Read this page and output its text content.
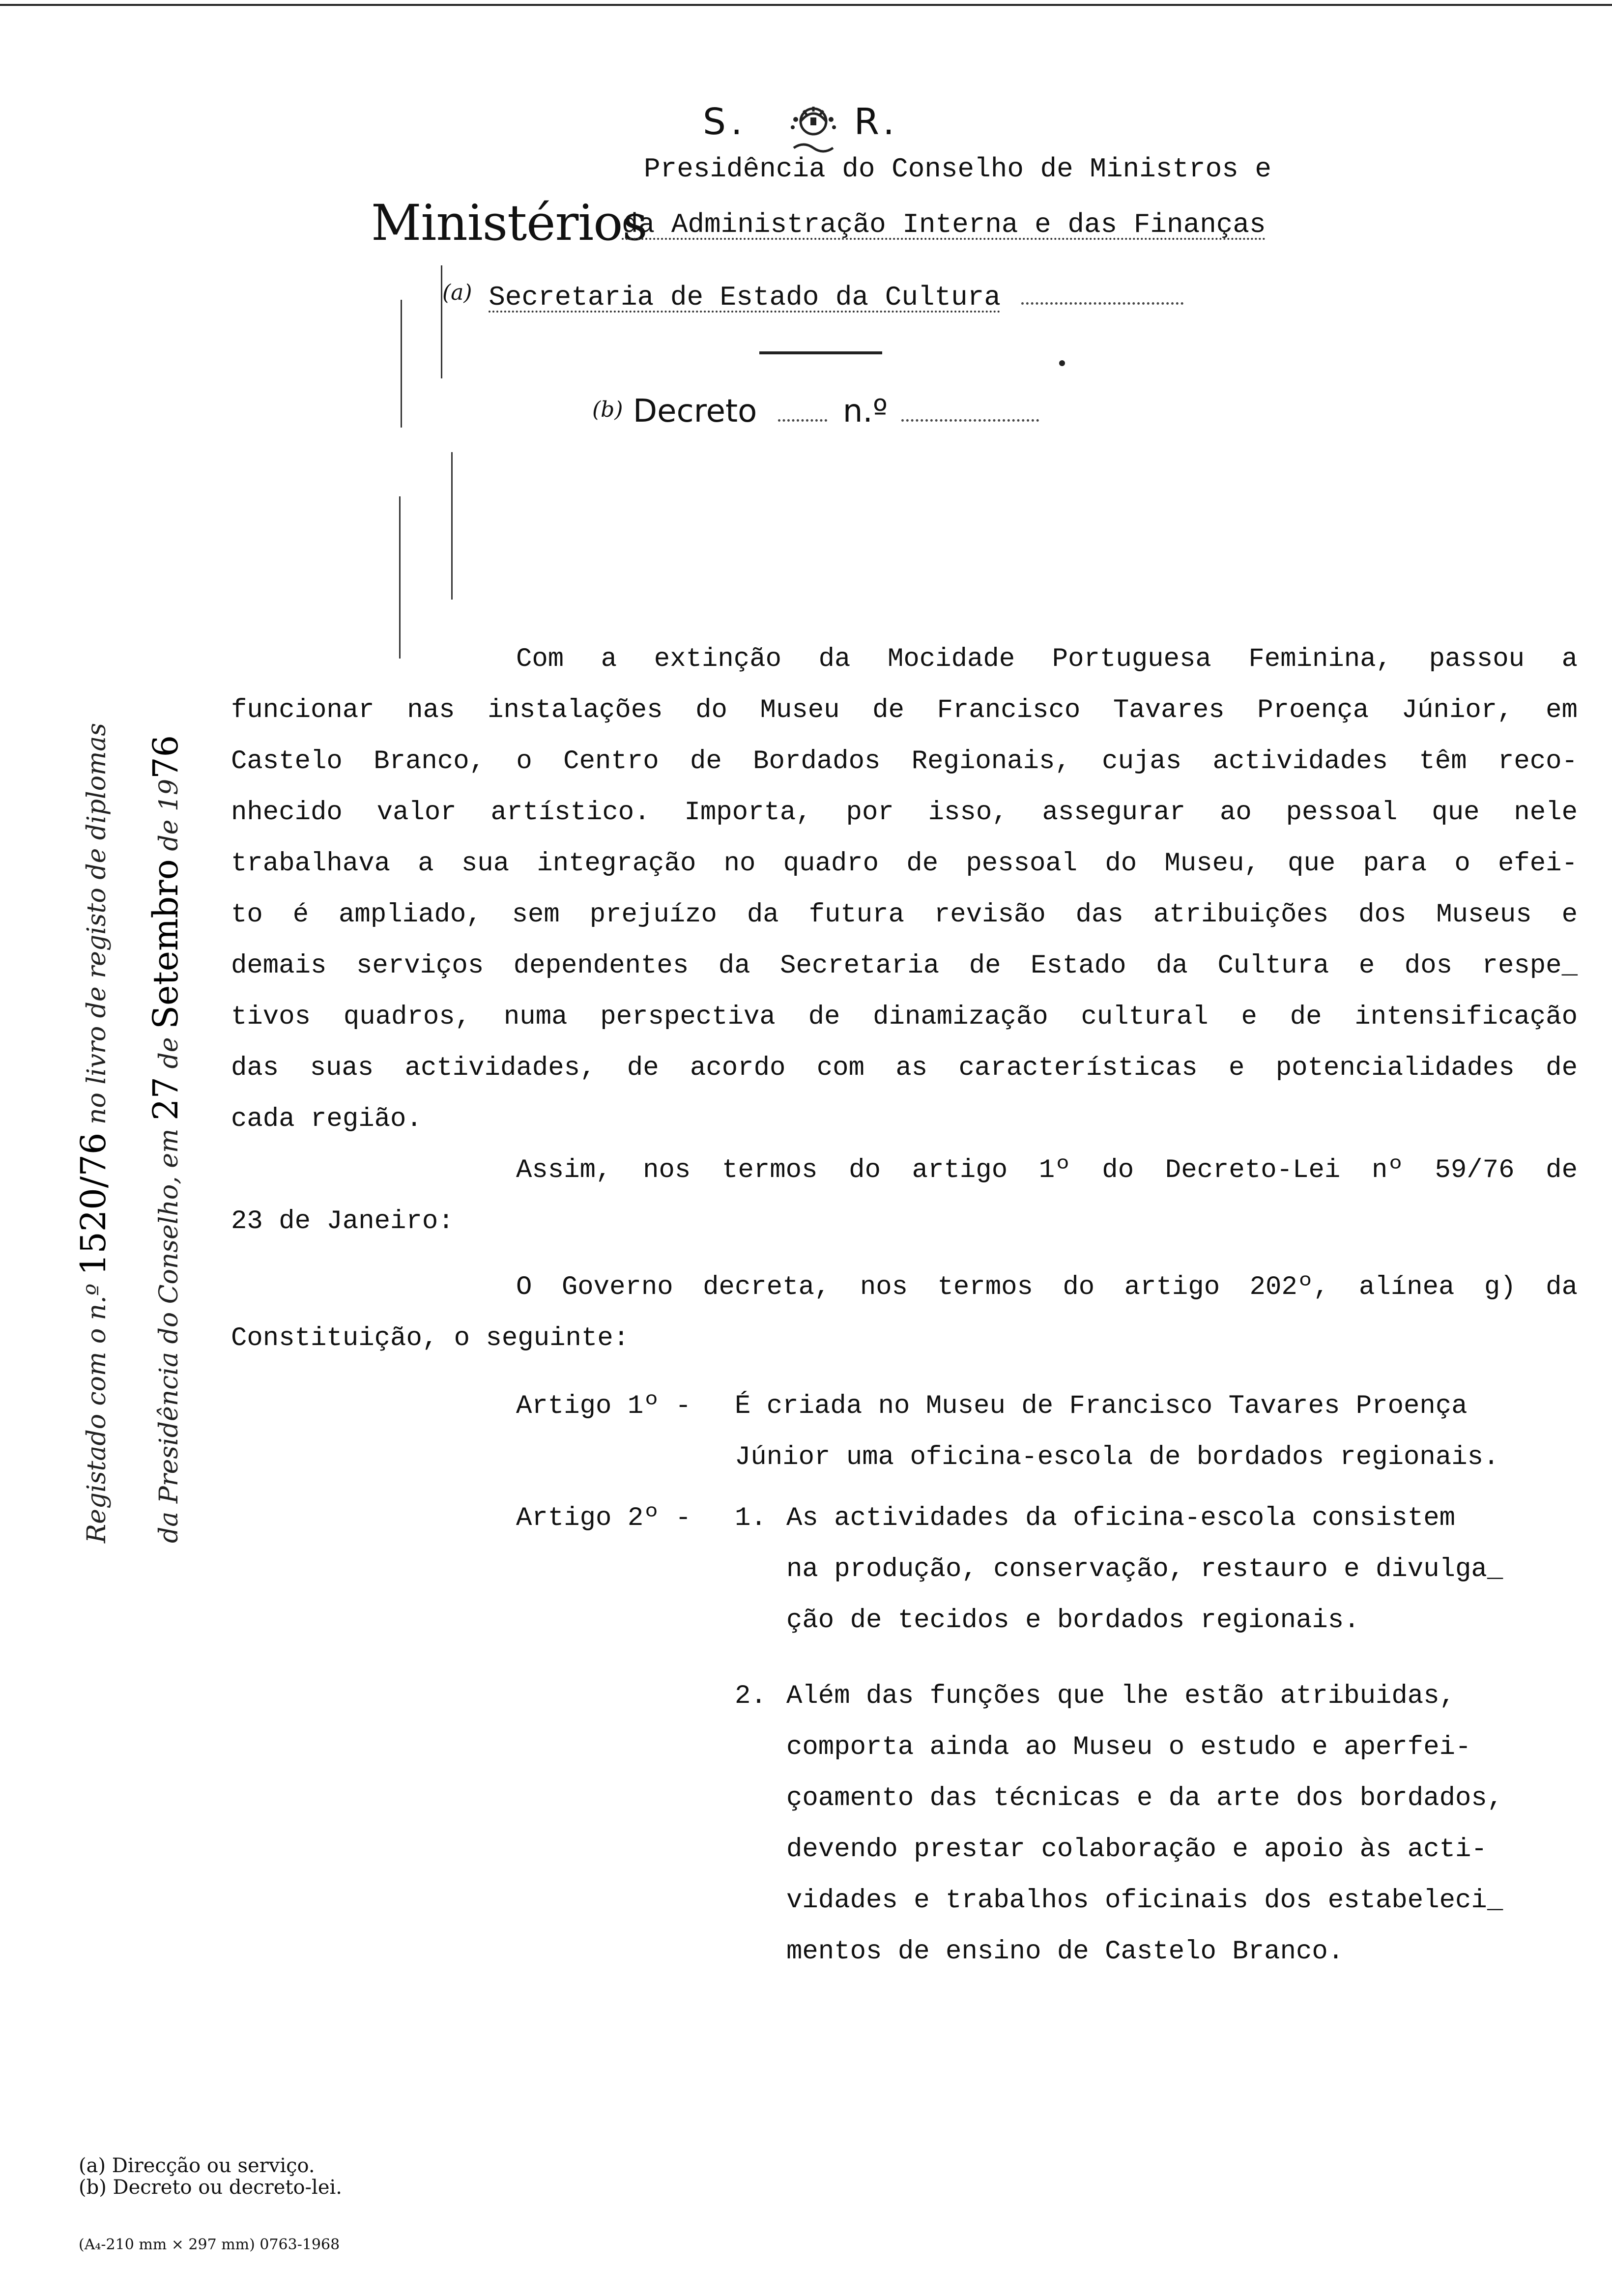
S.	R.
Presidência do Conselho de Ministros e
Ministérios
da Administração Interna e das Finanças
(a) Secretaria de Estado da Cultura
(b) Decreto	n.º
Registado com o n.º 1520/76 no livro de registo de diplomas
da Presidência do Conselho, em 27 de Setembro de 1976
Com a extinção da Mocidade Portuguesa Feminina, passou a
funcionar nas instalações do Museu de Francisco Tavares Proença Júnior, em
Castelo Branco, o Centro de Bordados Regionais, cujas actividades têm reco-
nhecido valor artístico. Importa, por isso, assegurar ao pessoal que nele
trabalhava a sua integração no quadro de pessoal do Museu, que para o efei-
to é ampliado, sem prejuízo da futura revisão das atribuições dos Museus e
demais serviços dependentes da Secretaria de Estado da Cultura e dos respe_
tivos quadros, numa perspectiva de dinamização cultural e de intensificação
das suas actividades, de acordo com as características e potencialidades de
cada região.
Assim, nos termos do artigo 1º do Decreto-Lei nº 59/76 de
23 de Janeiro:
O Governo decreta, nos termos do artigo 202º, alínea g) da
Constituição, o seguinte:
Artigo 1º - É criada no Museu de Francisco Tavares Proença
Júnior uma oficina-escola de bordados regionais.
Artigo 2º - 1. As actividades da oficina-escola consistem
na produção, conservação, restauro e divulga_
ção de tecidos e bordados regionais.
2. Além das funções que lhe estão atribuidas,
comporta ainda ao Museu o estudo e aperfei-
çoamento das técnicas e da arte dos bordados,
devendo prestar colaboração e apoio às acti-
vidades e trabalhos oficinais dos estabeleci_
mentos de ensino de Castelo Branco.
(a) Direcção ou serviço.
(b) Decreto ou decreto-lei.
(A₄-210 mm × 297 mm) 0763-1968
